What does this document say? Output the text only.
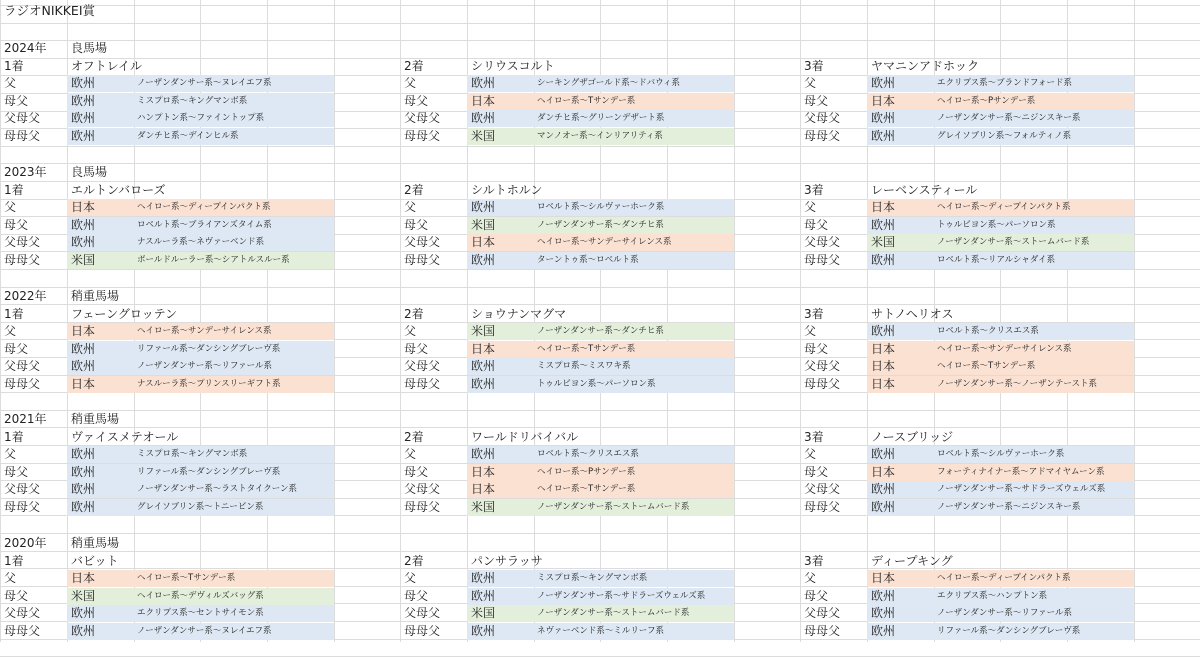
ラジオNIKKEI賞
2024年	良馬場
1着	オフトレイル
父	欧州	ノーザンダンサー系〜ヌレイエフ系
母父	欧州	ミスプロ系〜キングマンボ系
父母父	欧州	ハンプトン系〜ファイントップ系
母母父	欧州	ダンチヒ系〜デインヒル系
2着	シリウスコルト
父	欧州	シーキングザゴールド系〜ドバウィ系
母父	日本	ヘイロー系〜Tサンデー系
父母父	欧州	ダンチヒ系〜グリーンデザート系
母母父	米国	マンノオー系〜インリアリティ系
3着	ヤマニンアドホック
父	欧州	エクリプス系〜ブランドフォード系
母父	日本	ヘイロー系〜Pサンデー系
父母父	欧州	ノーザンダンサー系〜ニジンスキー系
母母父	欧州	グレイソブリン系〜フォルティノ系
2023年	良馬場
1着	エルトンバローズ
父	日本	ヘイロー系〜ディープインパクト系
母父	欧州	ロベルト系〜ブライアンズタイム系
父母父	欧州	ナスルーラ系〜ネヴァーベンド系
母母父	米国	ボールドルーラー系〜シアトルスルー系
2着	シルトホルン
父	欧州	ロベルト系〜シルヴァーホーク系
母父	米国	ノーザンダンサー系〜ダンチヒ系
父母父	日本	ヘイロー系〜サンデーサイレンス系
母母父	欧州	ターントゥ系〜ロベルト系
3着	レーベンスティール
父	日本	ヘイロー系〜ディープインパクト系
母父	欧州	トゥルビヨン系〜パーソロン系
父母父	米国	ノーザンダンサー系〜ストームバード系
母母父	欧州	ロベルト系〜リアルシャダイ系
2022年	稍重馬場
1着	フェーングロッテン
父	日本	ヘイロー系〜サンデーサイレンス系
母父	欧州	リファール系〜ダンシングブレーヴ系
父母父	欧州	ノーザンダンサー系〜リファール系
母母父	日本	ナスルーラ系〜プリンスリーギフト系
2着	ショウナンマグマ
父	米国	ノーザンダンサー系〜ダンチヒ系
母父	日本	ヘイロー系〜Tサンデー系
父母父	欧州	ミスプロ系〜ミスワキ系
母母父	欧州	トゥルビヨン系〜パーソロン系
3着	サトノヘリオス
父	欧州	ロベルト系〜クリスエス系
母父	日本	ヘイロー系〜サンデーサイレンス系
父母父	日本	ヘイロー系〜Tサンデー系
母母父	日本	ノーザンダンサー系〜ノーザンテースト系
2021年	稍重馬場
1着	ヴァイスメテオール
父	欧州	ミスプロ系〜キングマンボ系
母父	欧州	リファール系〜ダンシングブレーヴ系
父母父	欧州	ノーザンダンサー系〜ラストタイクーン系
母母父	欧州	グレイソブリン系〜トニービン系
2着	ワールドリバイバル
父	欧州	ロベルト系〜クリスエス系
母父	日本	ヘイロー系〜Pサンデー系
父母父	日本	ヘイロー系〜Tサンデー系
母母父	米国	ノーザンダンサー系〜ストームバード系
3着	ノースブリッジ
父	欧州	ロベルト系〜シルヴァーホーク系
母父	日本	フォーティナイナー系〜アドマイヤムーン系
父母父	欧州	ノーザンダンサー系〜サドラーズウェルズ系
母母父	欧州	ノーザンダンサー系〜ニジンスキー系
2020年	稍重馬場
1着	バビット
父	日本	ヘイロー系〜Tサンデー系
母父	米国	ヘイロー系〜デヴィルズバッグ系
父母父	欧州	エクリプス系〜セントサイモン系
母母父	欧州	ノーザンダンサー系〜ヌレイエフ系
2着	パンサラッサ
父	欧州	ミスプロ系〜キングマンボ系
母父	欧州	ノーザンダンサー系〜サドラーズウェルズ系
父母父	米国	ノーザンダンサー系〜ストームバード系
母母父	欧州	ネヴァーベンド系〜ミルリーフ系
3着	ディープキング
父	日本	ヘイロー系〜ディープインパクト系
母父	欧州	エクリプス系〜ハンプトン系
父母父	欧州	ノーザンダンサー系〜リファール系
母母父	欧州	リファール系〜ダンシングブレーヴ系
